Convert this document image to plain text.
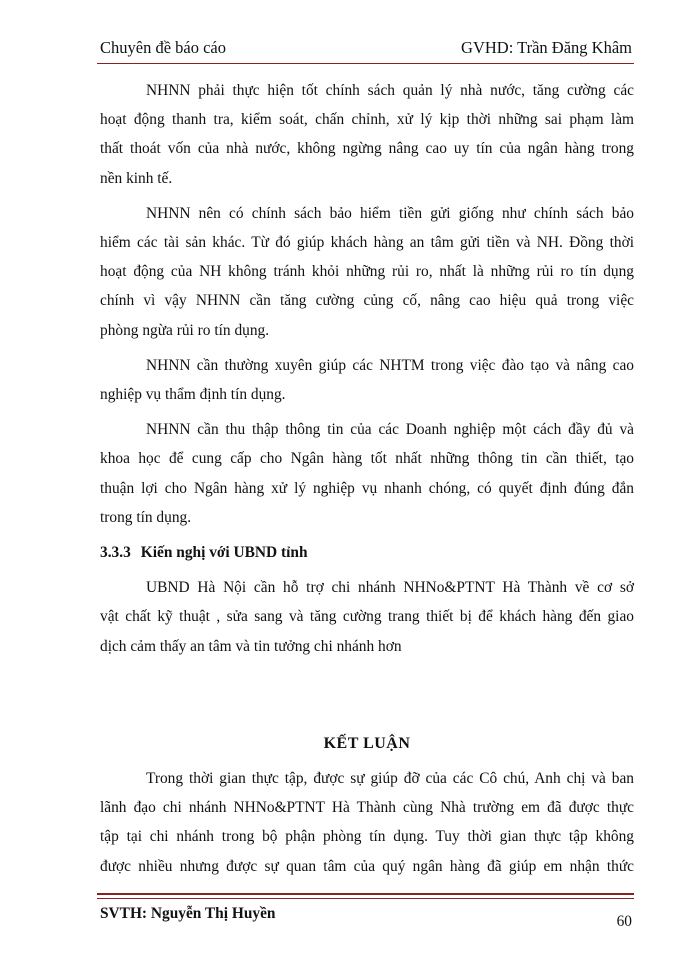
Chuyên đề báo cáo	GVHD: Trần Đăng Khâm

NHNN phải thực hiện tốt chính sách quản lý nhà nước, tăng cường các
hoạt động thanh tra, kiểm soát, chấn chỉnh, xử lý kịp thời những sai phạm làm
thất thoát vốn của nhà nước, không ngừng nâng cao uy tín của ngân hàng trong
nền kinh tế.

NHNN nên có chính sách bảo hiểm tiền gửi giống như chính sách bảo
hiểm các tài sản khác. Từ đó giúp khách hàng an tâm gửi tiền và NH. Đồng thời
hoạt động của NH không tránh khỏi những rủi ro, nhất là những rủi ro tín dụng
chính vì vậy NHNN cần tăng cường củng cố, nâng cao hiệu quả trong việc
phòng ngừa rủi ro tín dụng.

NHNN cần thường xuyên giúp các NHTM trong việc đào tạo và nâng cao
nghiệp vụ thẩm định tín dụng.

NHNN cần thu thập thông tin của các Doanh nghiệp một cách đầy đủ và
khoa học để cung cấp cho Ngân hàng tốt nhất những thông tin cần thiết, tạo
thuận lợi cho Ngân hàng xử lý nghiệp vụ nhanh chóng, có quyết định đúng đắn
trong tín dụng.

3.3.3 Kiến nghị với UBND tỉnh

UBND Hà Nội cần hỗ trợ chi nhánh NHNo&PTNT Hà Thành về cơ sở
vật chất kỹ thuật , sửa sang và tăng cường trang thiết bị để khách hàng đến giao
dịch cảm thấy an tâm và tin tưởng chi nhánh hơn

KẾT LUẬN

Trong thời gian thực tập, được sự giúp đỡ của các Cô chú, Anh chị và ban
lãnh đạo chi nhánh NHNo&PTNT Hà Thành cùng Nhà trường em đã được thực
tập tại chi nhánh trong bộ phận phòng tín dụng. Tuy thời gian thực tập không
được nhiều nhưng được sự quan tâm của quý ngân hàng đã giúp em nhận thức

SVTH: Nguyễn Thị Huyền	60
